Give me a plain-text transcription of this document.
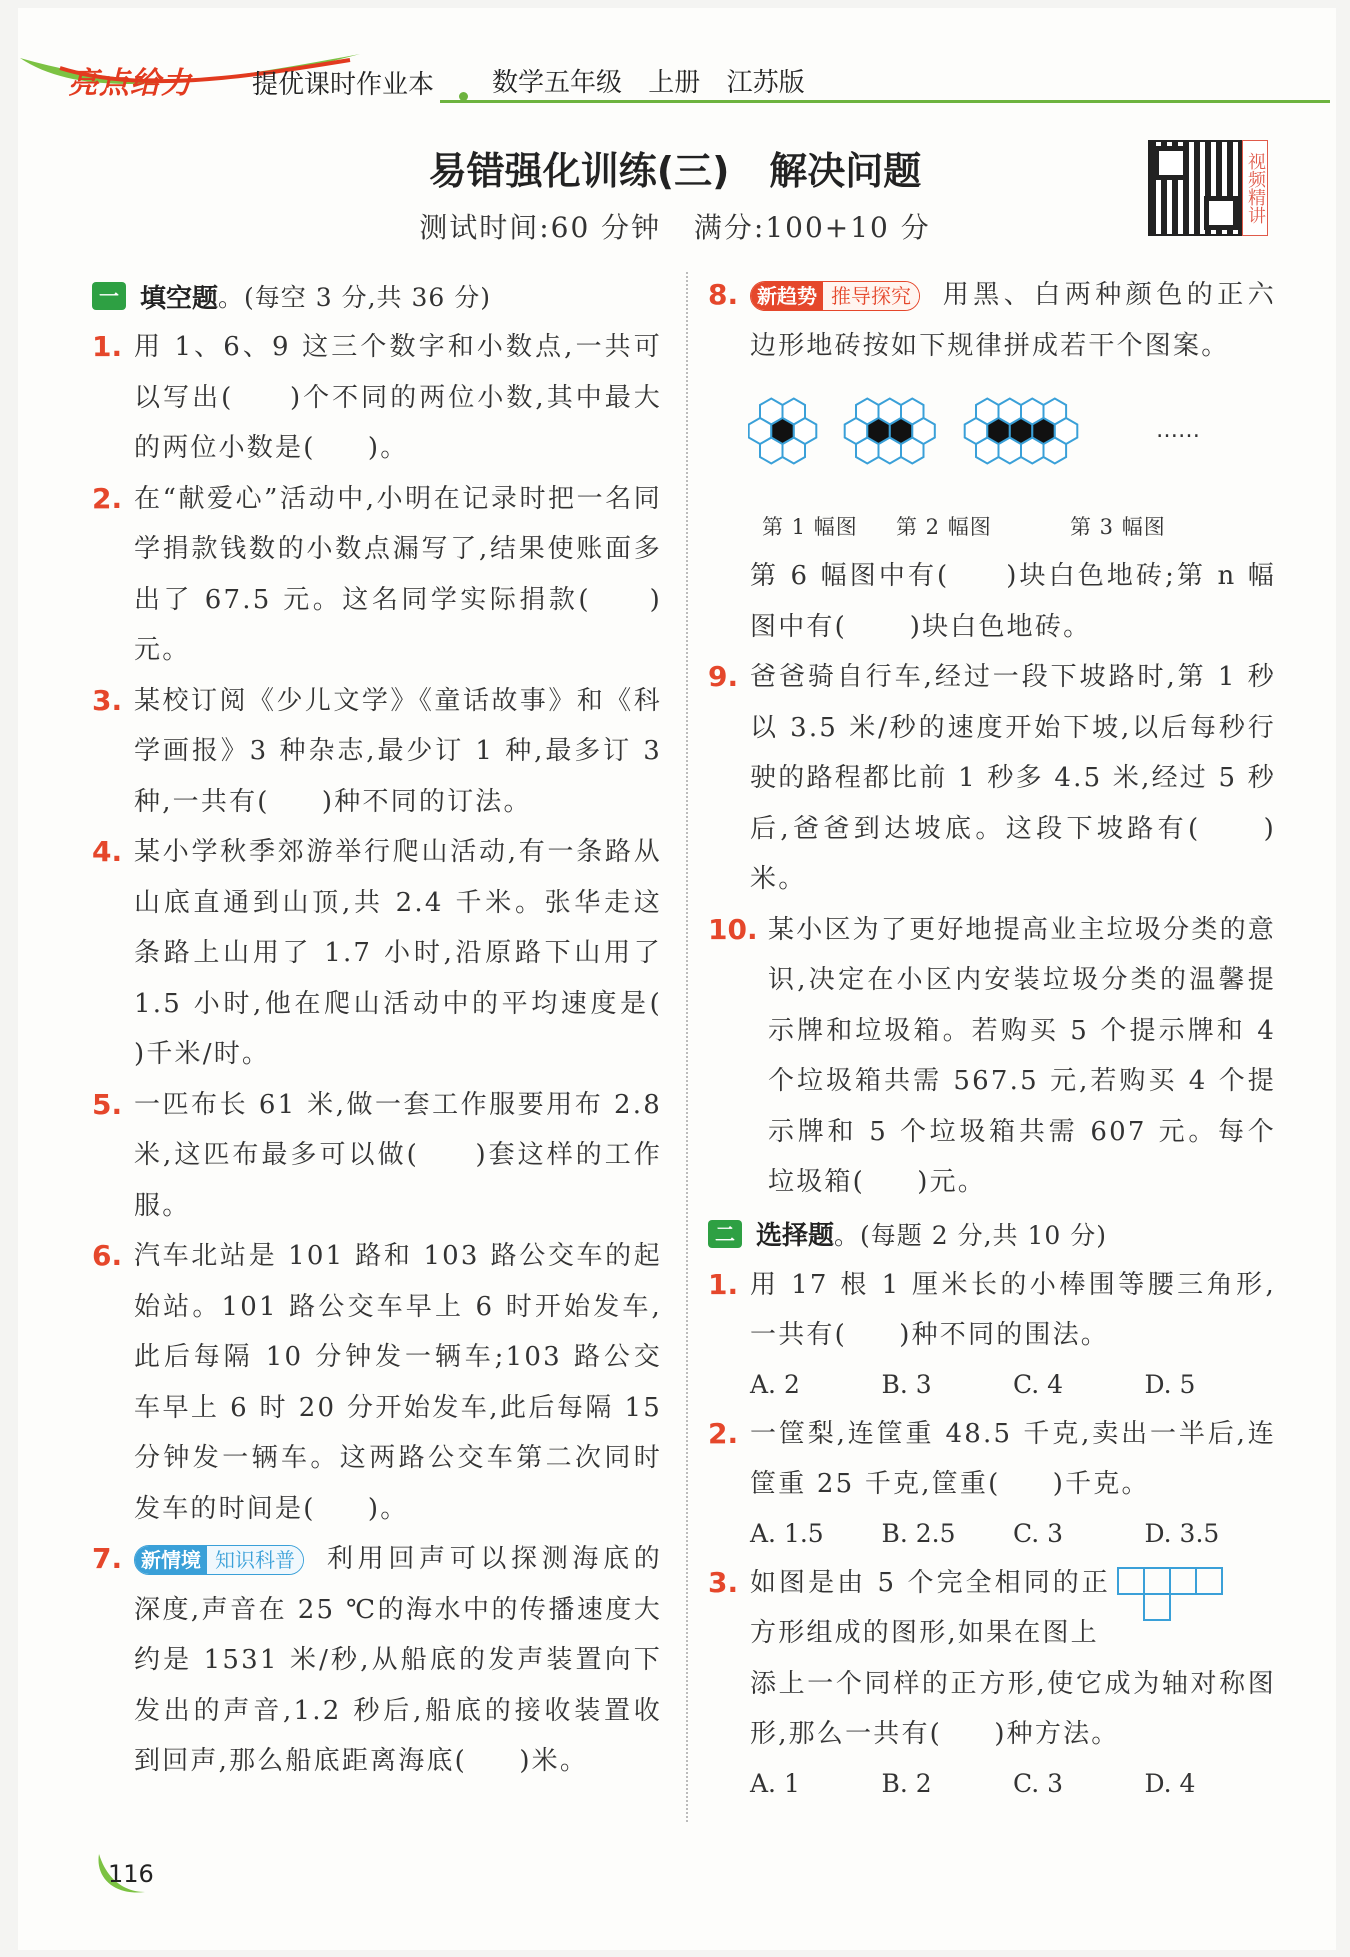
亮点给力 提优课时作业本 数学五年级 上册 江苏版
易错强化训练(三)   解决问题
测试时间:60 分钟   满分:100+10 分
视频精讲
一 填空题 。(每空 3 分,共 36 分)
1. 用 1、6、9 这三个数字和小数点,一共可以写出(     )个不同的两位小数,其中最大的两位小数是(     )。
2. 在“献爱心”活动中,小明在记录时把一名同学捐款钱数的小数点漏写了,结果使账面多出了 67.5 元。这名同学实际捐款(     )元。
3. 某校订阅《少儿文学》《童话故事》和《科学画报》3 种杂志,最少订 1 种,最多订 3 种,一共有(     )种不同的订法。
4. 某小学秋季郊游举行爬山活动,有一条路从山底直通到山顶,共 2.4 千米。张华走这条路上山用了 1.7 小时,沿原路下山用了 1.5 小时,他在爬山活动中的平均速度是(     )千米/时。
5. 一匹布长 61 米,做一套工作服要用布 2.8 米,这匹布最多可以做(     )套这样的工作服。
6. 汽车北站是 101 路和 103 路公交车的起始站。101 路公交车早上 6 时开始发车,此后每隔 10 分钟发一辆车;103 路公交车早上 6 时 20 分开始发车,此后每隔 15 分钟发一辆车。这两路公交车第二次同时发车的时间是(     )。
7. 新情境 知识科普	利用回声可以探测海底的深度,声音在 25 ℃的海水中的传播速度大约是 1531 米/秒,从船底的发声装置向下发出的声音,1.2 秒后,船底的接收装置收到回声,那么船底距离海底(     )米。
8. 新趋势 推导探究	用黑、白两种颜色的正六边形地砖按如下规律拼成若干个图案。
……
第 1 幅图 第 2 幅图	第 3 幅图
第 6 幅图中有(     )块白色地砖;第 n 幅图中有(      )块白色地砖。
9. 爸爸骑自行车,经过一段下坡路时,第 1 秒以 3.5 米/秒的速度开始下坡,以后每秒行驶的路程都比前 1 秒多 4.5 米,经过 5 秒后,爸爸到达坡底。这段下坡路有(     )米。
10. 某小区为了更好地提高业主垃圾分类的意识,决定在小区内安装垃圾分类的温馨提示牌和垃圾箱。若购买 5 个提示牌和 4 个垃圾箱共需 567.5 元,若购买 4 个提示牌和 5 个垃圾箱共需 607 元。每个垃圾箱(     )元。
二 选择题 。(每题 2 分,共 10 分)
1. 用 17 根 1 厘米长的小棒围等腰三角形,一共有(     )种不同的围法。
A. 2	B. 3	C. 4	D. 5
2. 一筐梨,连筐重 48.5 千克,卖出一半后,连筐重 25 千克,筐重(     )千克。
A. 1.5	B. 2.5	C. 3	D. 3.5
3. 如图是由 5 个完全相同的正方形组成的图形,如果在图上
添上一个同样的正方形,使它成为轴对称图形,那么一共有(     )种方法。
A. 1	B. 2	C. 3	D. 4
116
